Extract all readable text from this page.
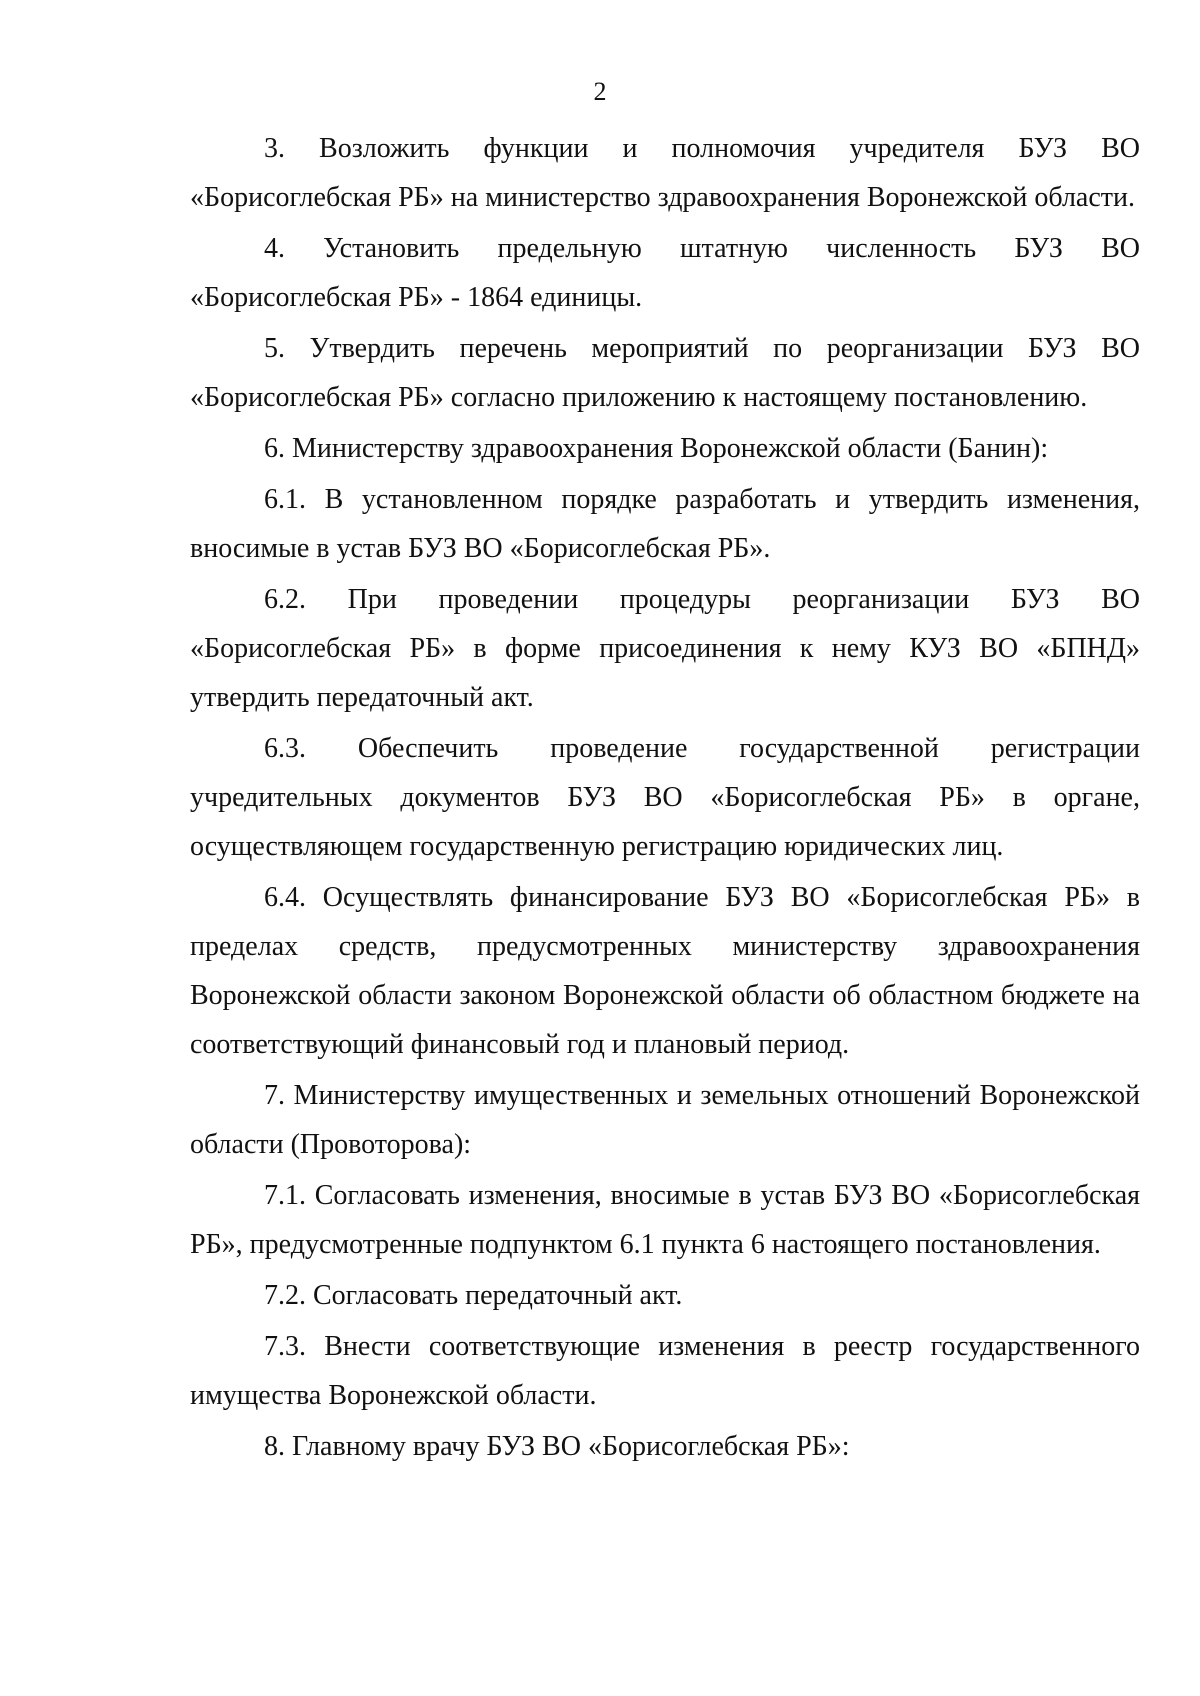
2

3. Возложить функции и полномочия учредителя БУЗ ВО «Борисоглебская РБ» на министерство здравоохранения Воронежской области.

4. Установить предельную штатную численность БУЗ ВО «Борисоглебская РБ» - 1864 единицы.

5. Утвердить перечень мероприятий по реорганизации БУЗ ВО «Борисоглебская РБ» согласно приложению к настоящему постановлению.

6. Министерству здравоохранения Воронежской области (Банин):

6.1. В установленном порядке разработать и утвердить изменения, вносимые в устав БУЗ ВО «Борисоглебская РБ».

6.2. При проведении процедуры реорганизации БУЗ ВО «Борисоглебская РБ» в форме присоединения к нему КУЗ ВО «БПНД» утвердить передаточный акт.

6.3. Обеспечить проведение государственной регистрации учредительных документов БУЗ ВО «Борисоглебская РБ» в органе, осуществляющем государственную регистрацию юридических лиц.

6.4. Осуществлять финансирование БУЗ ВО «Борисоглебская РБ» в пределах средств, предусмотренных министерству здравоохранения Воронежской области законом Воронежской области об областном бюджете на соответствующий финансовый год и плановый период.

7. Министерству имущественных и земельных отношений Воронежской области (Провоторова):

7.1. Согласовать изменения, вносимые в устав БУЗ ВО «Борисоглебская РБ», предусмотренные подпунктом 6.1 пункта 6 настоящего постановления.

7.2. Согласовать передаточный акт.

7.3. Внести соответствующие изменения в реестр государственного имущества Воронежской области.

8. Главному врачу БУЗ ВО «Борисоглебская РБ»:
